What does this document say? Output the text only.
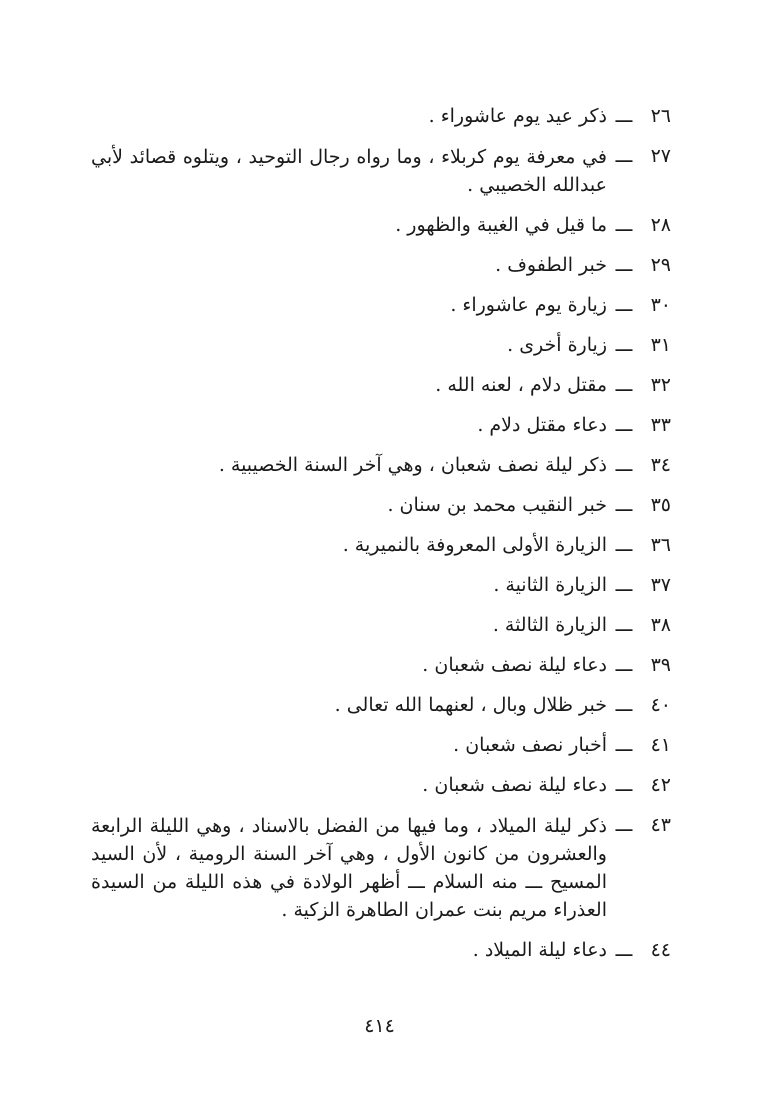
٢٦
ـــ
ذكر عيد يوم عاشوراء .
٢٧
ـــ
في معرفة يوم كربلاء ، وما رواه رجال التوحيد ، ويتلوه قصائد لأبي عبدالله الخصيبي .
٢٨
ـــ
ما قيل في الغيبة والظهور .
٢٩
ـــ
خبر الطفوف .
٣٠
ـــ
زيارة يوم عاشوراء .
٣١
ـــ
زيارة أخرى .
٣٢
ـــ
مقتل دلام ، لعنه الله .
٣٣
ـــ
دعاء مقتل دلام .
٣٤
ـــ
ذكر ليلة نصف شعبان ، وهي آخر السنة الخصيبية .
٣٥
ـــ
خبر النقيب محمد بن سنان .
٣٦
ـــ
الزيارة الأولى المعروفة بالنميرية .
٣٧
ـــ
الزيارة الثانية .
٣٨
ـــ
الزيارة الثالثة .
٣٩
ـــ
دعاء ليلة نصف شعبان .
٤٠
ـــ
خبر ظلال وبال ، لعنهما الله تعالى .
٤١
ـــ
أخبار نصف شعبان .
٤٢
ـــ
دعاء ليلة نصف شعبان .
٤٣
ـــ
ذكر ليلة الميلاد ، وما فيها من الفضل بالاسناد ، وهي الليلة الرابعة والعشرون من كانون الأول ، وهي آخر السنة الرومية ، لأن السيد المسيح ـــ منه السلام ـــ أظهر الولادة في هذه الليلة من السيدة العذراء مريم بنت عمران الطاهرة الزكية .
٤٤
ـــ
دعاء ليلة الميلاد .
٤١٤
